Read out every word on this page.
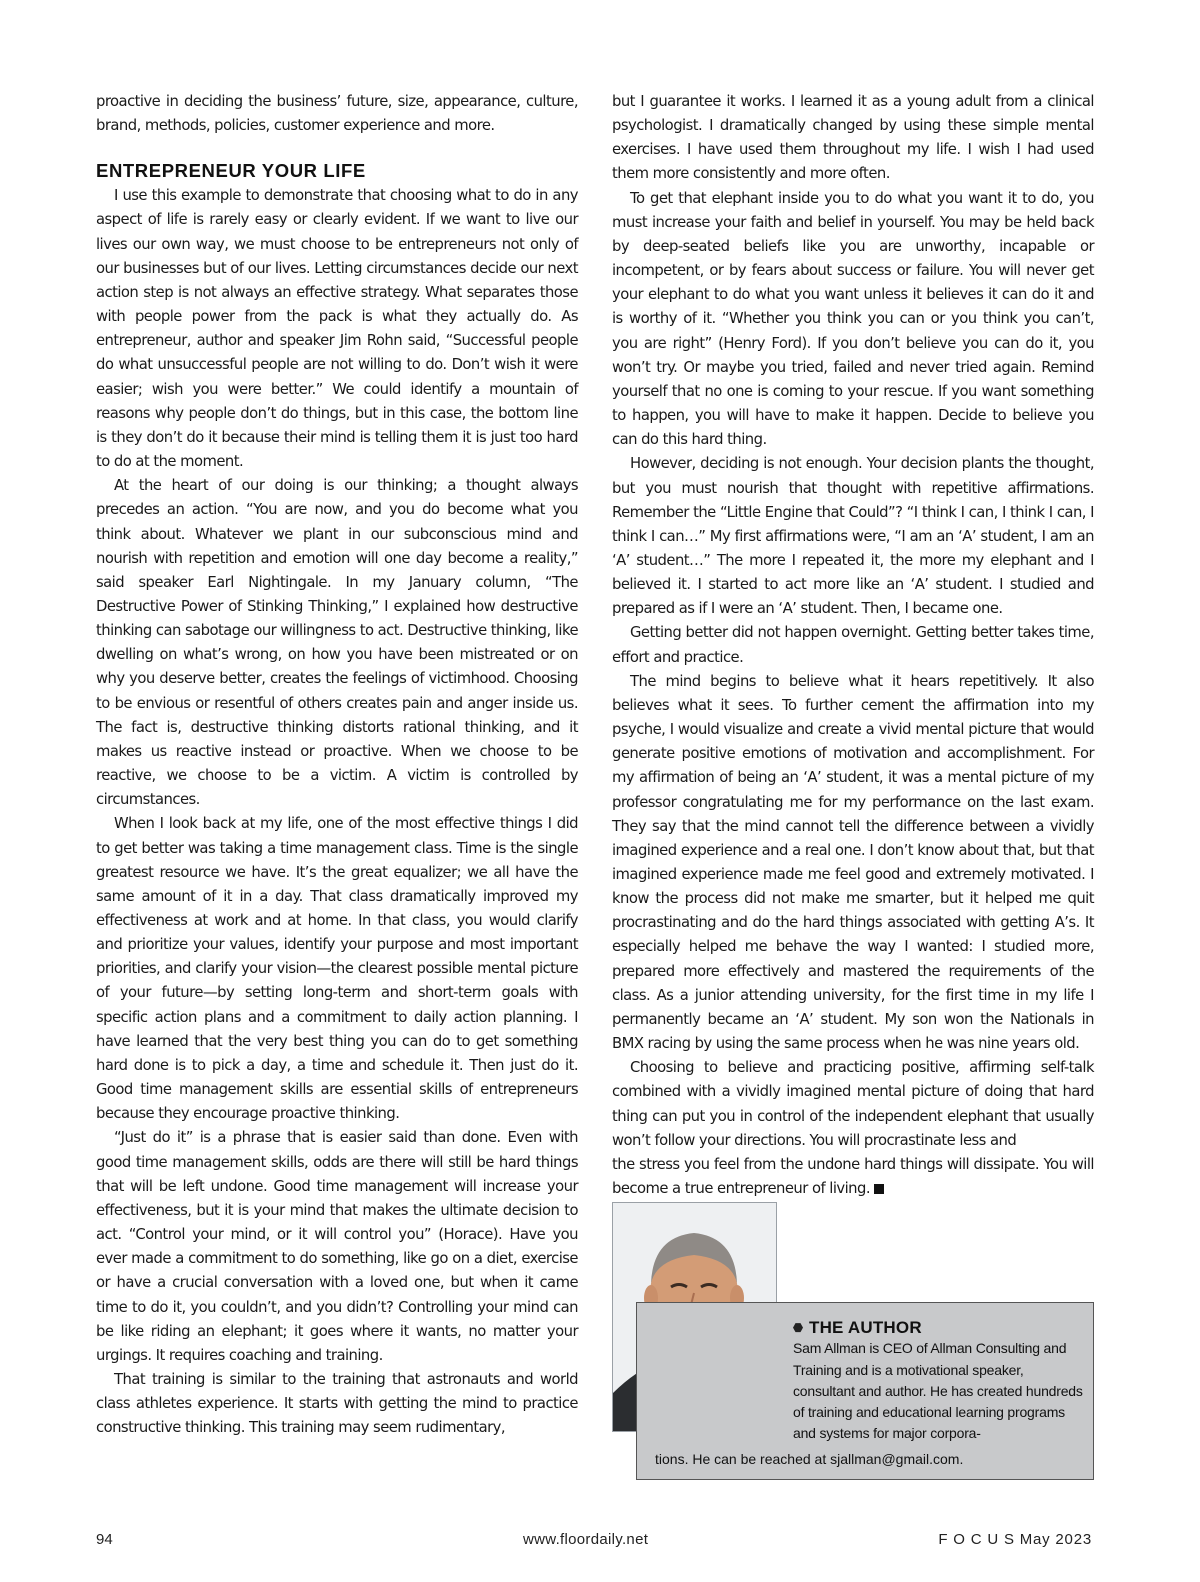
proactive in deciding the business’ future, size, appearance, culture, brand, methods, policies, customer experience and more.

ENTREPRENEUR YOUR LIFE

I use this example to demonstrate that choosing what to do in any aspect of life is rarely easy or clearly evident. If we want to live our lives our own way, we must choose to be entrepreneurs not only of our businesses but of our lives. Letting circumstances decide our next action step is not always an effective strategy. What separates those with people power from the pack is what they actually do. As entrepreneur, author and speaker Jim Rohn said, “Successful people do what unsuccessful people are not willing to do. Don’t wish it were easier; wish you were better.” We could identify a mountain of reasons why people don’t do things, but in this case, the bottom line is they don’t do it because their mind is telling them it is just too hard to do at the moment.

At the heart of our doing is our thinking; a thought always precedes an action. “You are now, and you do become what you think about. Whatever we plant in our subconscious mind and nourish with repetition and emotion will one day become a reality,” said speaker Earl Nightingale. In my January column, “The Destructive Power of Stinking Thinking,” I explained how destructive thinking can sabotage our willingness to act. Destructive thinking, like dwelling on what’s wrong, on how you have been mistreated or on why you deserve better, creates the feelings of victimhood. Choosing to be envious or resentful of others creates pain and anger inside us. The fact is, destructive thinking distorts rational thinking, and it makes us reactive instead or proactive. When we choose to be reactive, we choose to be a victim. A victim is controlled by circumstances.

When I look back at my life, one of the most effective things I did to get better was taking a time management class. Time is the single greatest resource we have. It’s the great equalizer; we all have the same amount of it in a day. That class dramatically improved my effectiveness at work and at home. In that class, you would clarify and prioritize your values, identify your purpose and most important priorities, and clarify your vision—the clearest possible mental picture of your future—by setting long-term and short-term goals with specific action plans and a commitment to daily action planning. I have learned that the very best thing you can do to get something hard done is to pick a day, a time and schedule it. Then just do it. Good time management skills are essential skills of entrepreneurs because they encourage proactive thinking.

“Just do it” is a phrase that is easier said than done. Even with good time management skills, odds are there will still be hard things that will be left undone. Good time management will increase your effectiveness, but it is your mind that makes the ultimate decision to act. “Control your mind, or it will control you” (Horace). Have you ever made a commitment to do something, like go on a diet, exercise or have a crucial conversation with a loved one, but when it came time to do it, you couldn’t, and you didn’t? Controlling your mind can be like riding an elephant; it goes where it wants, no matter your urgings. It requires coaching and training.

That training is similar to the training that astronauts and world class athletes experience. It starts with getting the mind to practice constructive thinking. This training may seem rudimentary,

but I guarantee it works. I learned it as a young adult from a clinical psychologist. I dramatically changed by using these simple mental exercises. I have used them throughout my life. I wish I had used them more consistently and more often.

To get that elephant inside you to do what you want it to do, you must increase your faith and belief in yourself. You may be held back by deep-seated beliefs like you are unworthy, incapable or incompetent, or by fears about success or failure. You will never get your elephant to do what you want unless it believes it can do it and is worthy of it. “Whether you think you can or you think you can’t, you are right” (Henry Ford). If you don’t believe you can do it, you won’t try. Or maybe you tried, failed and never tried again. Remind yourself that no one is coming to your rescue. If you want something to happen, you will have to make it happen. Decide to believe you can do this hard thing.

However, deciding is not enough. Your decision plants the thought, but you must nourish that thought with repetitive affirmations. Remember the “Little Engine that Could”? “I think I can, I think I can, I think I can…” My first affirmations were, “I am an ‘A’ student, I am an ‘A’ student…” The more I repeated it, the more my elephant and I believed it. I started to act more like an ‘A’ student. I studied and prepared as if I were an ‘A’ student. Then, I became one.

Getting better did not happen overnight. Getting better takes time, effort and practice.

The mind begins to believe what it hears repetitively. It also believes what it sees. To further cement the affirmation into my psyche, I would visualize and create a vivid mental picture that would generate positive emotions of motivation and accomplishment. For my affirmation of being an ‘A’ student, it was a mental picture of my professor congratulating me for my performance on the last exam. They say that the mind cannot tell the difference between a vividly imagined experience and a real one. I don’t know about that, but that imagined experience made me feel good and extremely motivated. I know the process did not make me smarter, but it helped me quit procrastinating and do the hard things associated with getting A’s. It especially helped me behave the way I wanted: I studied more, prepared more effectively and mastered the requirements of the class. As a junior attending university, for the first time in my life I permanently became an ‘A’ student. My son won the Nationals in BMX racing by using the same process when he was nine years old.

Choosing to believe and practicing positive, affirming self-talk combined with a vividly imagined mental picture of doing that hard thing can put you in control of the independent elephant that usually won’t follow your directions. You will procrastinate less and

the stress you feel from the undone hard things will dissipate. You will become a true entrepreneur of living.

THE AUTHOR
Sam Allman is CEO of Allman Consulting and Training and is a motivational speaker, consultant and author. He has created hundreds of training and educational learning programs and systems for major corpora-
tions. He can be reached at sjallman@gmail.com.
94	www.floordaily.net	F O C U S May 2023
